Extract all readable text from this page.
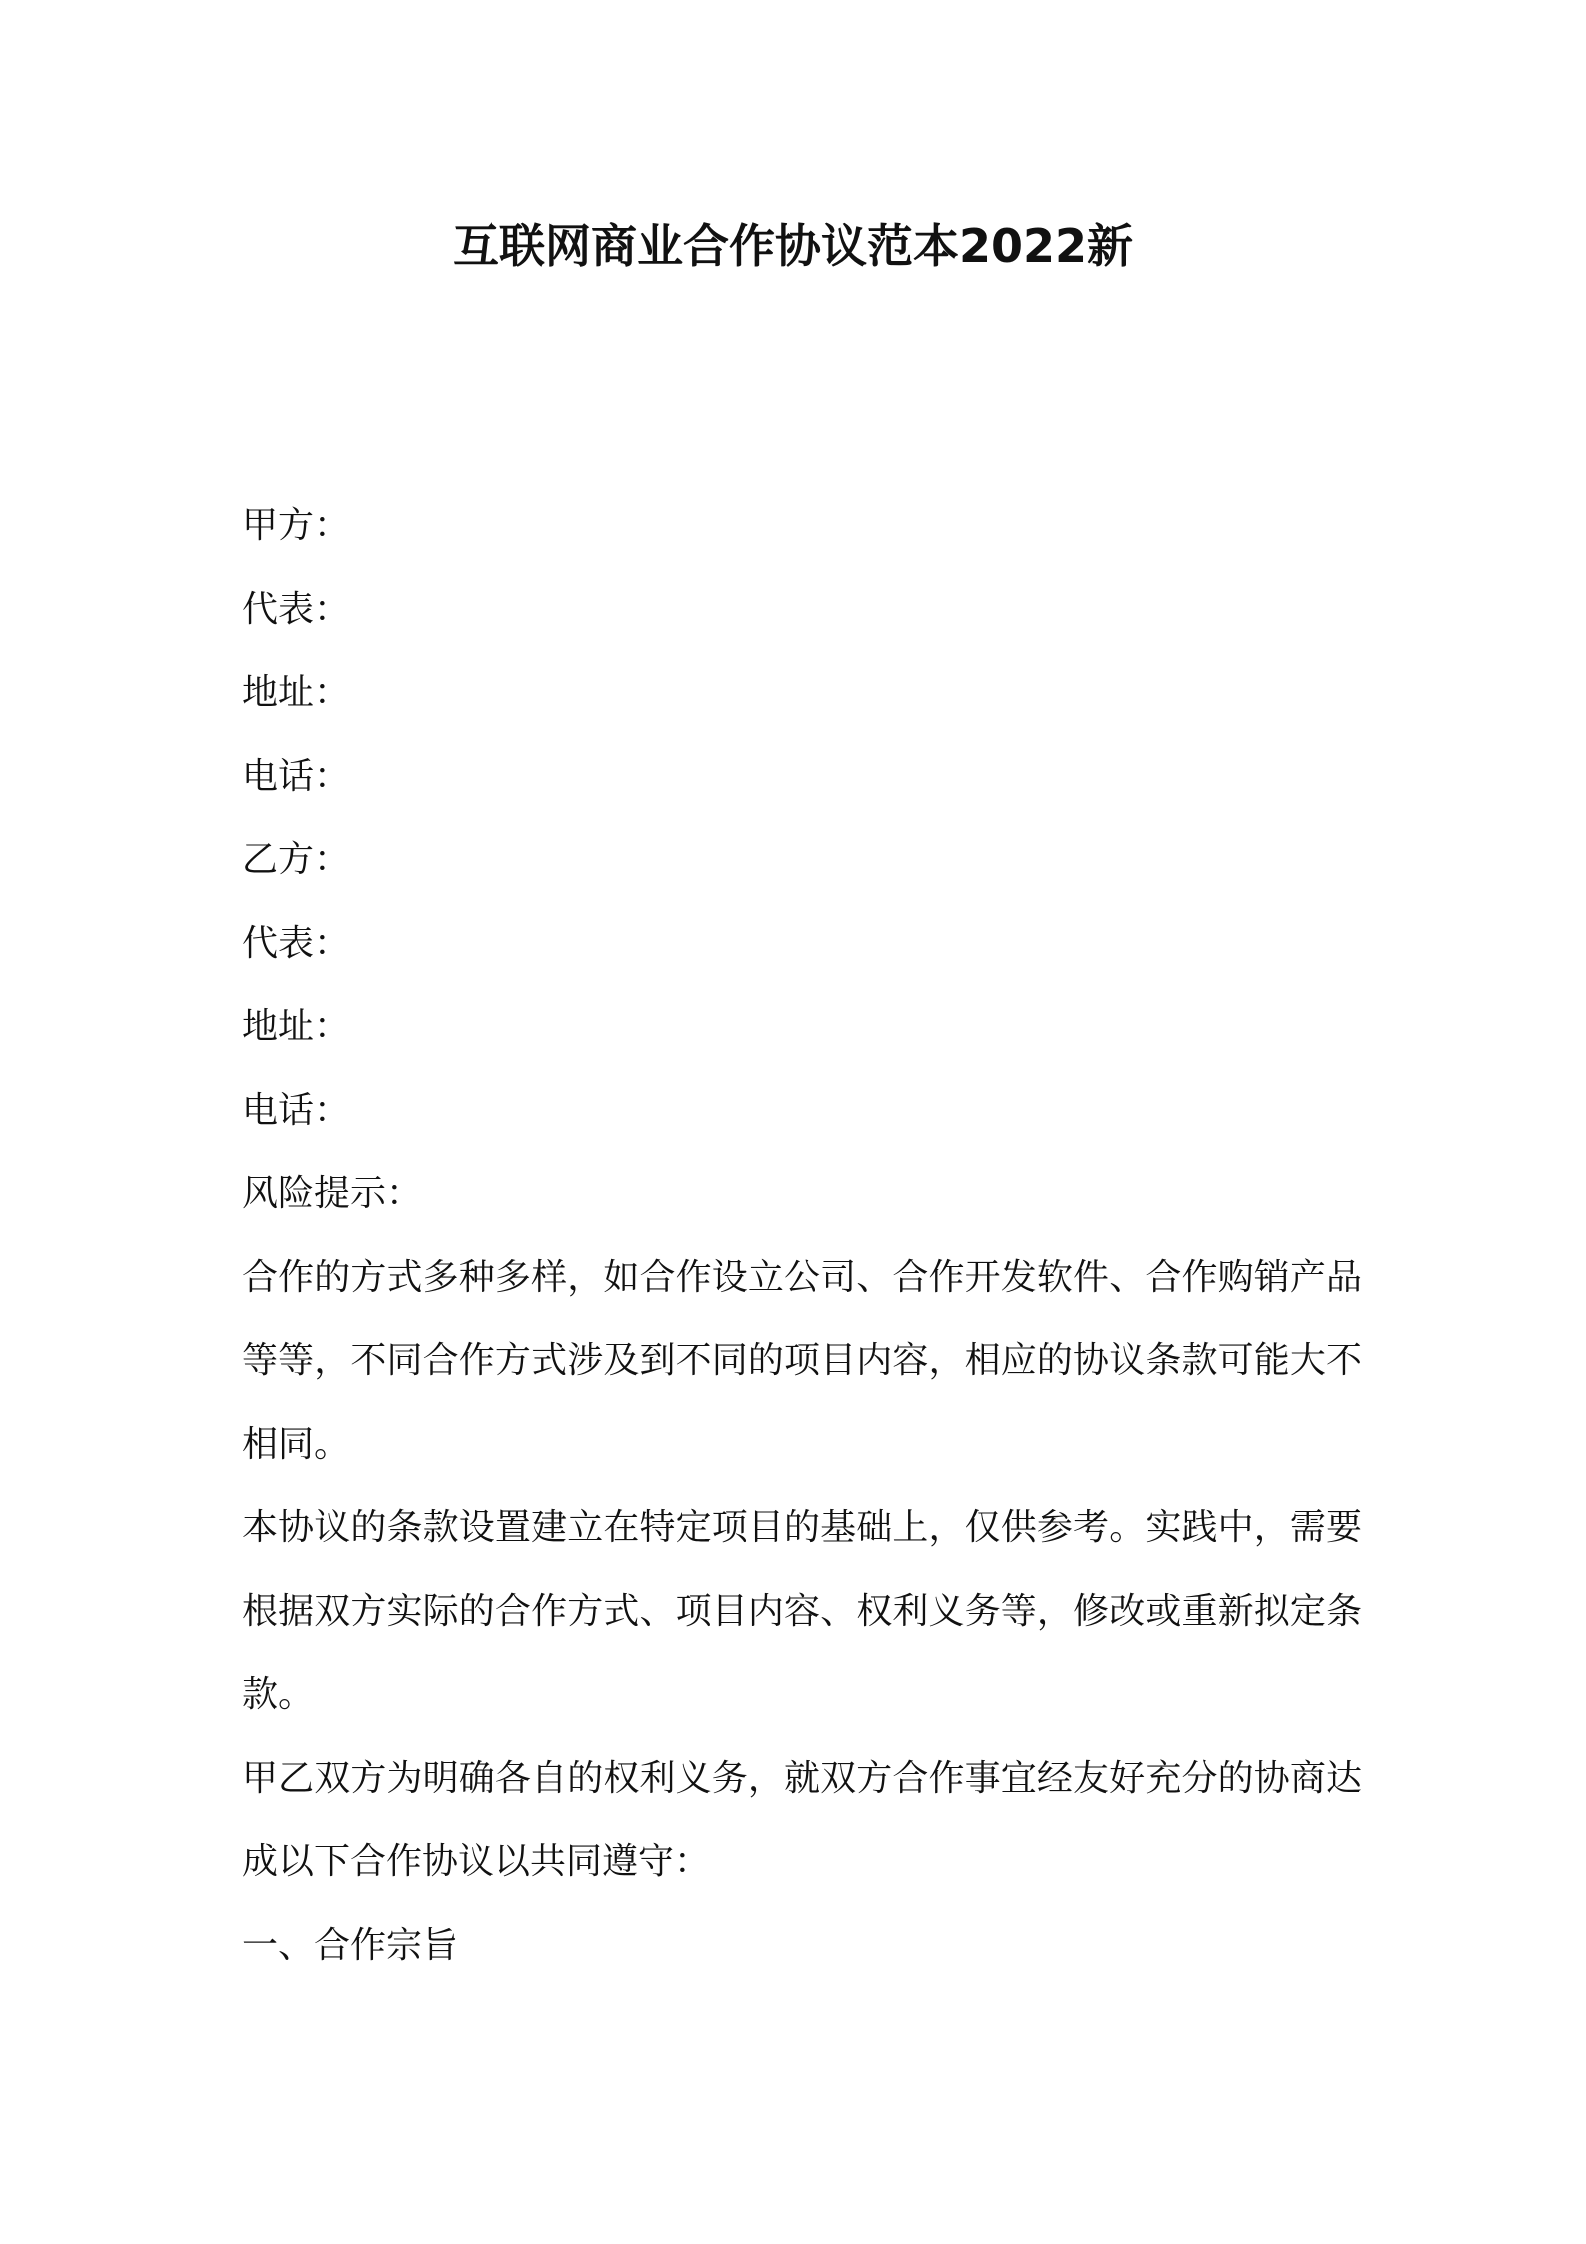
互联网商业合作协议范本2022新
甲方：
代表：
地址：
电话：
乙方：
代表：
地址：
电话：
风险提示：
合作的方式多种多样，如合作设立公司、合作开发软件、合作购销产品等等，不同合作方式涉及到不同的项目内容，相应的协议条款可能大不相同。
本协议的条款设置建立在特定项目的基础上，仅供参考。实践中，需要根据双方实际的合作方式、项目内容、权利义务等，修改或重新拟定条款。
甲乙双方为明确各自的权利义务，就双方合作事宜经友好充分的协商达成以下合作协议以共同遵守：
一、合作宗旨
